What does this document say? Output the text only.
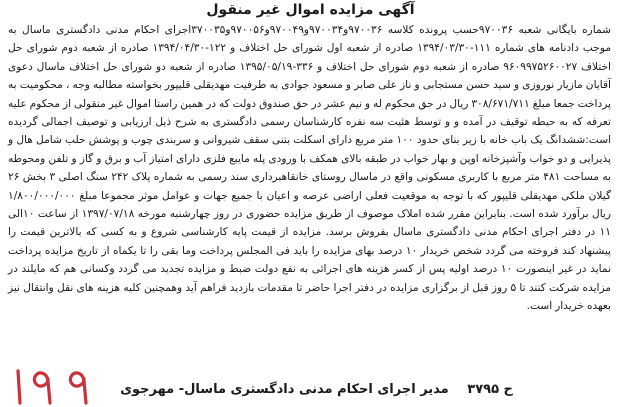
آگهی مزایده اموال غیر منقول
شماره بایگانی شعبه ۹۷۰۰۳۶حسب پرونده کلاسه ۹۷۰۰۳۶و۹۷۰۰۳۴و۹۷۰۰۴۹و۹۷۰۰۵۶و۳۷۰۰۳۵اجرای احکام مدنی دادگستری ماسال به موجب دادنامه های شماره ۱۱۱-۱۳۹۴/۰۳/۳۰ صادره از شعبه اول شورای حل اختلاف و ۱۲۲-۱۳۹۴/۰۴/۳۰ صادره از شعبه دوم شورای حل اختلاف ۹۶۰۹۹۷۵۲۶۰۰۲۷ صادره از شعبه دوم شورای حل اختلاف و ۳۳۶-۱۳۹۵/۰۵/۱۹ صادره از شعبه دو شورای حل اختلاف ماسال دعوی آقایان مازیار نوروزی و سید حسن مستجابی و ناز علی صابر و مسعود جوادی به طرفیت مهدیقلی قلیپور بخواسته مطالبه وجه ، محکومیت به پرداخت جمعا مبلغ ۳۰۸/۶۷۱/۷۱۱ ریال در حق محکوم له و نیم عشر در حق صندوق دولت که در همین راستا اموال غیر منقولی از محکوم علیه تعرفه که به حیطه توقیف در آمده و و توسط هئیت سه نفره کارشناسان رسمی دادگستری به شرح ذیل ارزیابی و توصیف اجمالی گردیده است:ششدانگ یک باب خانه با زیر بنای حدود ۱۰۰ متر مربع دارای اسکلت بتنی سقف شیروانی و سربندی چوب و پوشش حلب شامل هال و پذیرایی و دو خواب وآشپزخانه اوپن و بهار خواب در طبقه بالای همکف با ورودی پله مایبع فلزی دارای امتیاز آب و برق و گاز و تلفن ومحوطه به مساحت ۴۸۱ متر مربع با کاربری مسکونی واقع در ماسال روستای خانقاهبرداری سند رسمی به شماره پلاک ۲۴۲ سنگ اصلی ۳ بخش ۲۶ گیلان ملکی مهدیقلی قلیپور که با توجه به موقعیت فعلی اراضی عرصه و اعیان با جمیع جهات و عوامل موثر مجموعا مبلغ ۱/۸۰۰/۰۰۰/۰۰۰ ریال برآورد شده است. بنابراین مقرر شده املاک موصوف از طریق مزایده حضوری در روز چهارشنبه مورخه ۱۳۹۷/۰۷/۱۸ از ساعت ۱۰الی ۱۱ در دفتر اجرای احکام مدنی دادگستری ماسال بفروش برسد. مزایده از قیمت پایه کارشناسی شروع و به کسی که بالاترین قیمت را پیشنهاد کند فروخته می گردد شخص خریدار ۱۰ درصد بهای مزایده را باید فی المجلس پرداخت وما بقی را تا یکماه از تاریخ مزایده پرداخت نماید در غیر اینصورت ۱۰ درصد اولیه پس از کسر هزینه های اجرائی به نفع دولت ضبط و مزایده تجدید می گردد وکسانی هم که مایلند در مزایده شرکت کنند تا ۵ روز قبل از برگزاری مزایده در دفتر اجرا حاضر تا مقدمات بازدید فراهم آید وهمچنین کلیه هزینه های نقل وانتقال نیز بعهده خریدار است.
ح ۳۷۹۵ مدیر اجرای احکام مدنی دادگستری ماسال- مهرجوی
